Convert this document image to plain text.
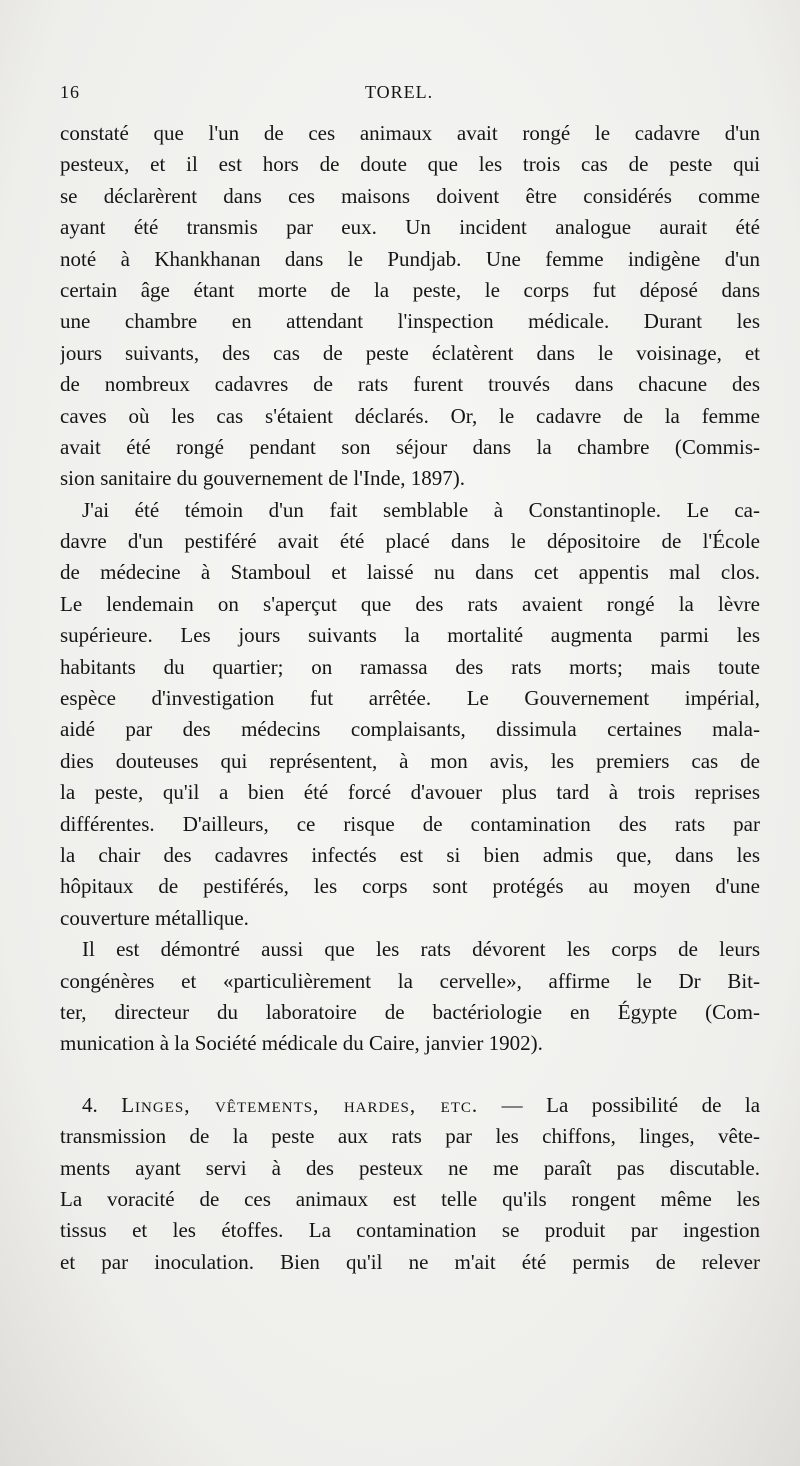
16	TOREL.
constaté que l'un de ces animaux avait rongé le cadavre d'un
pesteux, et il est hors de doute que les trois cas de peste qui
se déclarèrent dans ces maisons doivent être considérés comme
ayant été transmis par eux. Un incident analogue aurait été
noté à Khankhanan dans le Pundjab. Une femme indigène d'un
certain âge étant morte de la peste, le corps fut déposé dans
une chambre en attendant l'inspection médicale. Durant les
jours suivants, des cas de peste éclatèrent dans le voisinage, et
de nombreux cadavres de rats furent trouvés dans chacune des
caves où les cas s'étaient déclarés. Or, le cadavre de la femme
avait été rongé pendant son séjour dans la chambre (Commis-
sion sanitaire du gouvernement de l'Inde, 1897).
J'ai été témoin d'un fait semblable à Constantinople. Le ca-
davre d'un pestiféré avait été placé dans le dépositoire de l'École
de médecine à Stamboul et laissé nu dans cet appentis mal clos.
Le lendemain on s'aperçut que des rats avaient rongé la lèvre
supérieure. Les jours suivants la mortalité augmenta parmi les
habitants du quartier; on ramassa des rats morts; mais toute
espèce d'investigation fut arrêtée. Le Gouvernement impérial,
aidé par des médecins complaisants, dissimula certaines mala-
dies douteuses qui représentent, à mon avis, les premiers cas de
la peste, qu'il a bien été forcé d'avouer plus tard à trois reprises
différentes. D'ailleurs, ce risque de contamination des rats par
la chair des cadavres infectés est si bien admis que, dans les
hôpitaux de pestiférés, les corps sont protégés au moyen d'une
couverture métallique.
Il est démontré aussi que les rats dévorent les corps de leurs
congénères et «particulièrement la cervelle», affirme le Dr Bit-
ter, directeur du laboratoire de bactériologie en Égypte (Com-
munication à la Société médicale du Caire, janvier 1902).
4. Linges, vêtements, hardes, etc. — La possibilité de la
transmission de la peste aux rats par les chiffons, linges, vête-
ments ayant servi à des pesteux ne me paraît pas discutable.
La voracité de ces animaux est telle qu'ils rongent même les
tissus et les étoffes. La contamination se produit par ingestion
et par inoculation. Bien qu'il ne m'ait été permis de relever
